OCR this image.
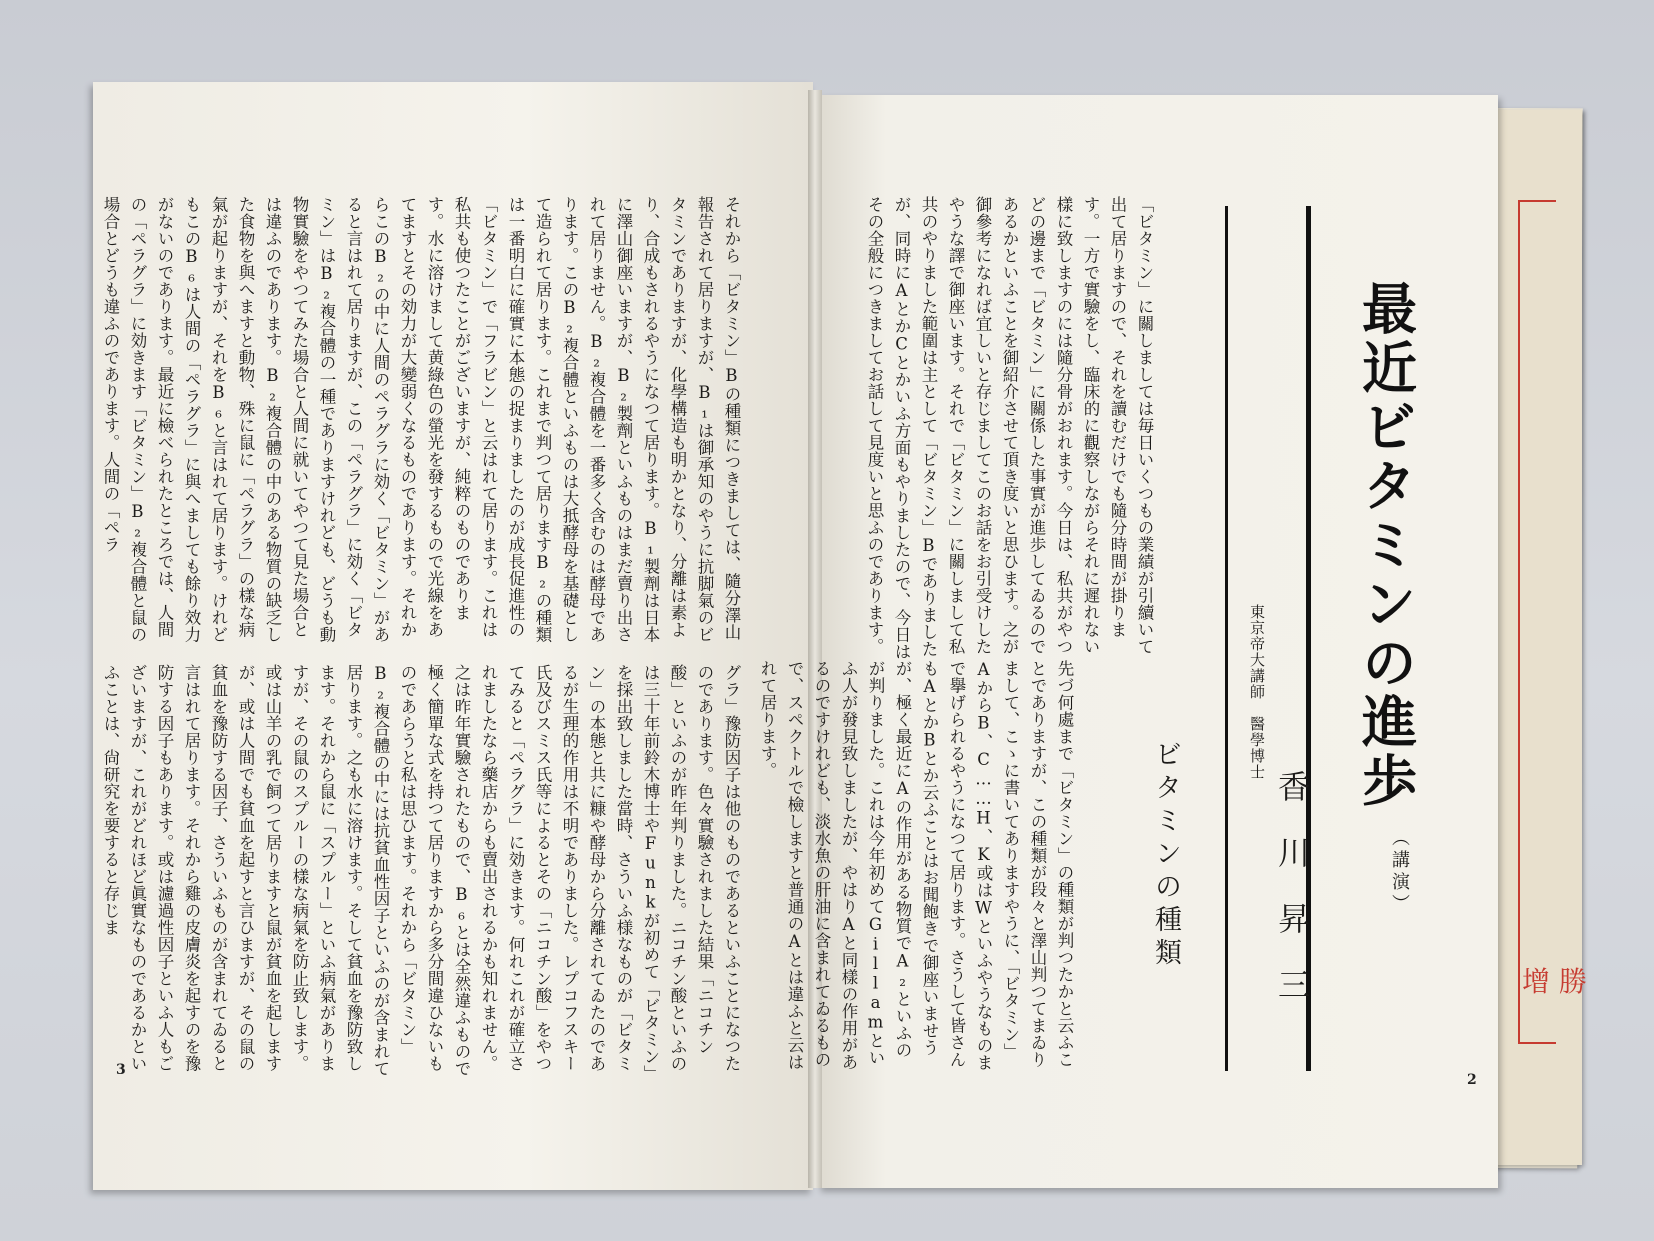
增 勝
それから「ビタミン」Bの種類につきましては、隨分澤山報告されて居りますが、B₁は御承知のやうに抗脚氣のビタミンでありますが、化學構造も明かとなり、分離は素より、合成もされるやうになつて居ります。B₁製劑は日本に澤山御座いますが、B₂製劑といふものはまだ賣り出されて居りません。B₂複合體を一番多く含むのは酵母であります。このB₂複合體といふものは大抵酵母を基礎として造られて居ります。これまで判つて居りますB₂の種類は一番明白に確實に本態の捉まりましたのが成長促進性の「ビタミン」で「フラビン」と云はれて居ります。これは私共も使つたことがございますが、純粹のものであります。水に溶けまして黄綠色の螢光を發するもので光線をあてますとその効力が大變弱くなるものであります。それからこのB₂の中に人間のペラグラに効く「ビタミン」があると言はれて居りますが、この「ペラグラ」に効く「ビタミン」はB₂複合體の一種でありますけれども、どうも動物實驗をやつてみた場合と人間に就いてやつて見た場合とは違ふのであります。B₂複合體の中のある物質の缺乏した食物を與へますと動物、殊に鼠に「ペラグラ」の樣な病氣が起りますが、それをB₆と言はれて居ります。けれどもこのB₆は人間の「ペラグラ」に與へましても餘り效力がないのであります。最近に檢べられたところでは、人間の「ペラグラ」に効きます「ビタミン」B₂複合體と鼠の場合とどうも違ふのであります。人間の「ペラ
グラ」豫防因子は他のものであるといふことになつたのであります。色々實驗されました結果「ニコチン酸」といふのが昨年判りました。ニコチン酸といふのは三十年前鈴木博士やFunkが初めて「ビタミン」を採出致しました當時、さういふ様なものが「ビタミン」の本態と共に糠や酵母から分離されてゐたのであるが生理的作用は不明でありました。レプコフスキー氏及びスミス氏等によるとその「ニコチン酸」をやつてみると「ペラグラ」に効きます。何れこれが確立されましたなら藥店からも賣出されるかも知れません。之は昨年實驗されたもので、B₆とは全然違ふもので極く簡單な式を持つて居りますから多分間違ひないものであらうと私は思ひます。それから「ビタミン」B₂複合體の中には抗貧血性因子といふのが含まれて居ります。之も水に溶けます。そして貧血を豫防致します。それから鼠に「スプルー」といふ病氣がありますが、その鼠のスプルーの樣な病氣を防止致します。或は山羊の乳で飼つて居りますと鼠が貧血を起しますが、或は人間でも貧血を起すと言ひますが、その鼠の貧血を豫防する因子、さういふものが含まれてゐると言はれて居ります。それから雞の皮膚炎を起すのを豫防する因子もあります。或は濾過性因子といふ人もございますが、これがどれほど眞實なものであるかといふことは、尙研究を要すると存じま
3
「ビタミン」に關しましては毎日いくつもの業績が引續いて出て居りますので、それを讀むだけでも隨分時間が掛ります。一方で實驗をし、臨床的に觀察しながらそれに遲れない樣に致しますのには隨分骨がおれます。今日は、私共がやつどの邊まで「ビタミン」に關係した事實が進歩してゐるのであるかといふことを御紹介させて頂き度いと思ひます。之が御參考になれば宜しいと存じましてこのお話をお引受けしたやうな譯で御座います。それで「ビタミン」に關しまして私共のやりました範圍は主として「ビタミン」Bでありましたが、同時にAとかCとかいふ方面もやりましたので、今日はその全般につきましてお話して見度いと思ふのであります。
先づ何處まで「ビタミン」の種類が判つたかと云ふことでありますが、この種類が段々と澤山判つてまゐりまして、こゝに書いてありますやうに、「ビタミン」AからB、C……H、K或はWといふやうなものまで擧げられるやうになつて居ります。さうして皆さんもAとかBとか云ふことはお聞飽きで御座いませうが、極く最近にAの作用がある物質でA₂といふのが判りました。これは今年初めてGillamといふ人が發見致しましたが、やはりAと同樣の作用があるのですけれども、淡水魚の肝油に含まれてゐるもので、スペクトルで檢しますと普通のAとは違ふと云はれて居ります。
ビタミンの種類
東京帝大講師　醫學博士
香川昇三
最近ビタミンの進歩
（講演）
2
